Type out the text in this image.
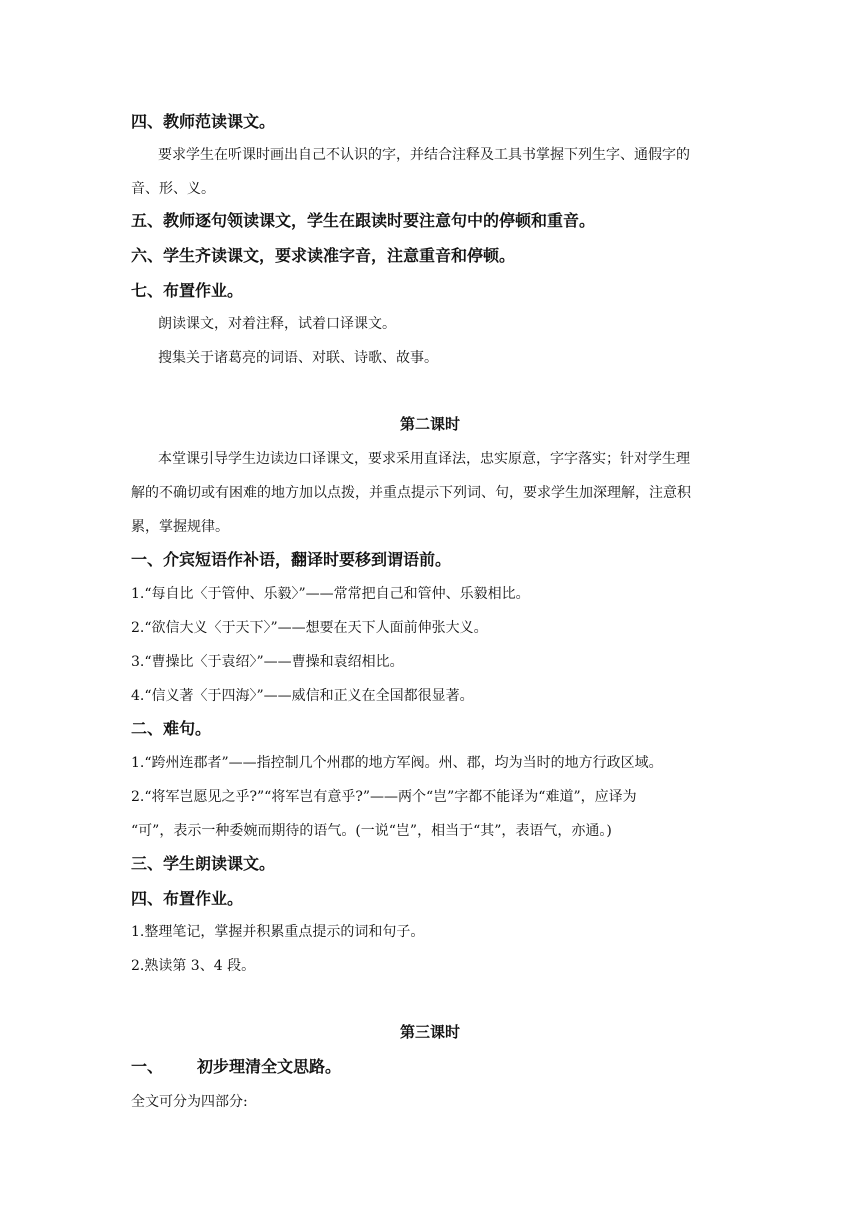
四、教师范读课文。
要求学生在听课时画出自己不认识的字，并结合注释及工具书掌握下列生字、通假字的
音、形、义。
五、教师逐句领读课文，学生在跟读时要注意句中的停顿和重音。
六、学生齐读课文，要求读准字音，注意重音和停顿。
七、布置作业。
朗读课文，对着注释，试着口译课文。
搜集关于诸葛亮的词语、对联、诗歌、故事。
第二课时
本堂课引导学生边读边口译课文，要求采用直译法，忠实原意，字字落实；针对学生理
解的不确切或有困难的地方加以点拨，并重点提示下列词、句，要求学生加深理解，注意积
累，掌握规律。
一、介宾短语作补语，翻译时要移到谓语前。
1.“每自比〈于管仲、乐毅〉”——常常把自己和管仲、乐毅相比。
2.“欲信大义〈于天下〉”——想要在天下人面前伸张大义。
3.“曹操比〈于袁绍〉”——曹操和袁绍相比。
4.“信义著〈于四海〉”——威信和正义在全国都很显著。
二、难句。
1.“跨州连郡者”——指控制几个州郡的地方军阀。州、郡，均为当时的地方行政区域。
2.“将军岂愿见之乎?”“将军岂有意乎?”——两个“岂”字都不能译为“难道”，应译为
“可”，表示一种委婉而期待的语气。(一说“岂”，相当于“其”，表语气，亦通。)
三、学生朗读课文。
四、布置作业。
1.整理笔记，掌握并积累重点提示的词和句子。
2.熟读第 3、4 段。
第三课时
一、 初步理清全文思路。
全文可分为四部分:
